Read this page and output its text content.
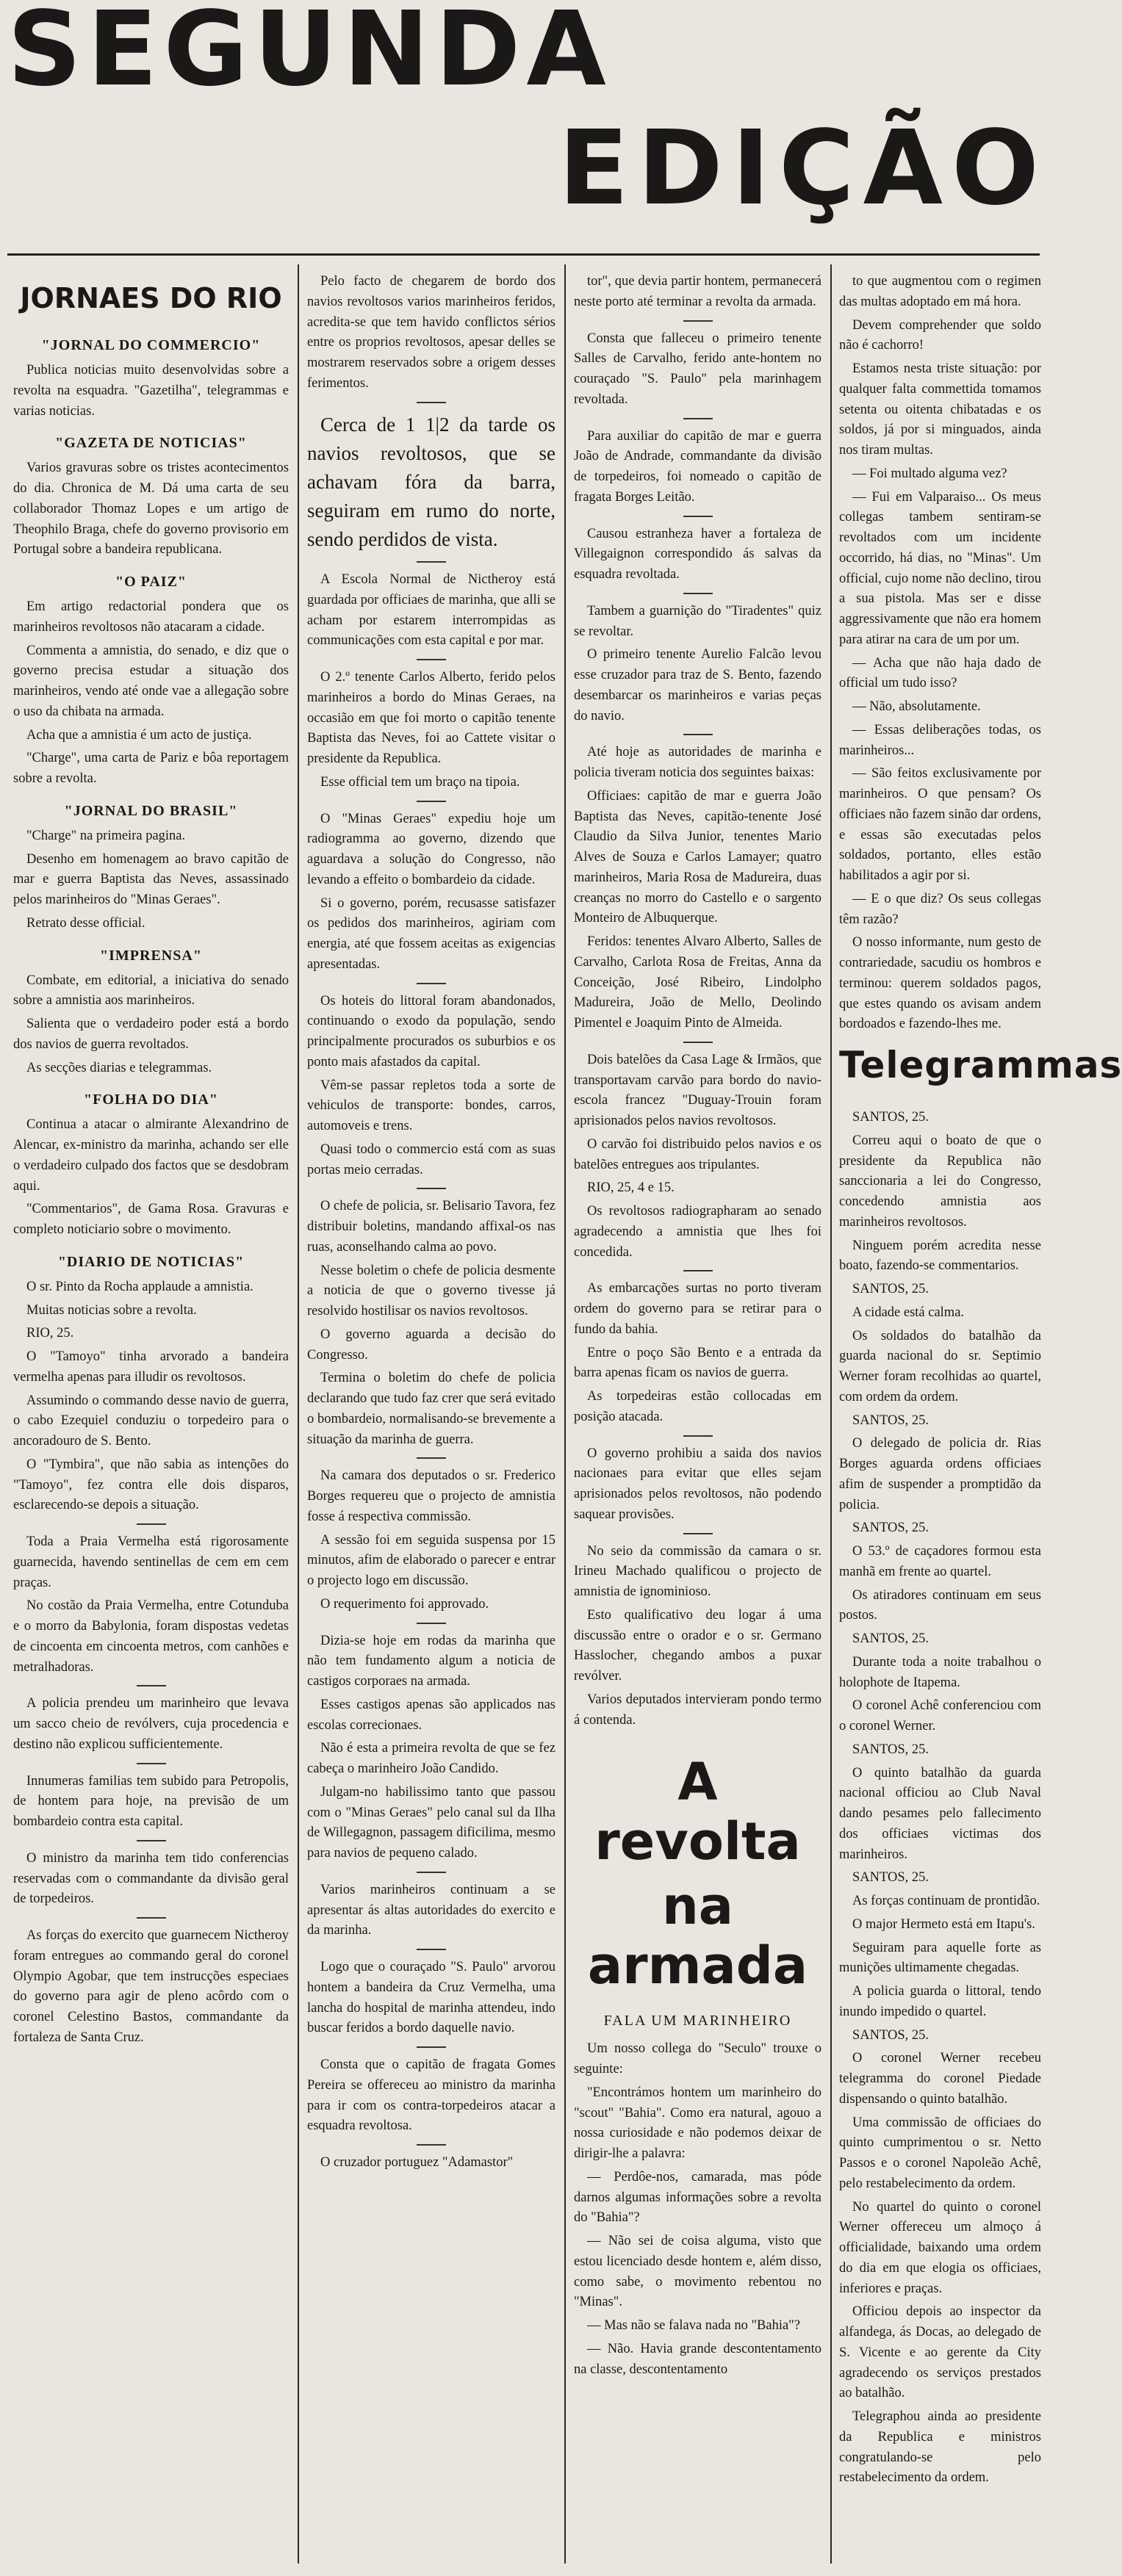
SEGUNDA
EDIÇÃO
JORNAES DO RIO
"JORNAL DO COMMERCIO"

Publica noticias muito desenvolvidas sobre a revolta na esquadra. "Gazetilha", telegrammas e varias noticias.

"GAZETA DE NOTICIAS"

Varios gravuras sobre os tristes acontecimentos do dia. Chronica de M. Dá uma carta de seu collaborador Thomaz Lopes e um artigo de Theophilo Braga, chefe do governo provisorio em Portugal sobre a bandeira republicana.

"O PAIZ"

Em artigo redactorial pondera que os marinheiros revoltosos não atacaram a cidade.

Commenta a amnistia, do senado, e diz que o governo precisa estudar a situação dos marinheiros, vendo até onde vae a allegação sobre o uso da chibata na armada.

Acha que a amnistia é um acto de justiça.

"Charge", uma carta de Pariz e bôa reportagem sobre a revolta.

"JORNAL DO BRASIL"

"Charge" na primeira pagina.

Desenho em homenagem ao bravo capitão de mar e guerra Baptista das Neves, assassinado pelos marinheiros do "Minas Geraes".

Retrato desse official.

"IMPRENSA"

Combate, em editorial, a iniciativa do senado sobre a amnistia aos marinheiros.

Salienta que o verdadeiro poder está a bordo dos navios de guerra revoltados.

As secções diarias e telegrammas.

"FOLHA DO DIA"

Continua a atacar o almirante Alexandrino de Alencar, ex-ministro da marinha, achando ser elle o verdadeiro culpado dos factos que se desdobram aqui.

"Commentarios", de Gama Rosa. Gravuras e completo noticiario sobre o movimento.

"DIARIO DE NOTICIAS"

O sr. Pinto da Rocha applaude a amnistia.

Muitas noticias sobre a revolta.

RIO, 25.

O "Tamoyo" tinha arvorado a bandeira vermelha apenas para illudir os revoltosos.

Assumindo o commando desse navio de guerra, o cabo Ezequiel conduziu o torpedeiro para o ancoradouro de S. Bento.

O "Tymbira", que não sabia as intenções do "Tamoyo", fez contra elle dois disparos, esclarecendo-se depois a situação.

Toda a Praia Vermelha está rigorosamente guarnecida, havendo sentinellas de cem em cem praças.

No costão da Praia Vermelha, entre Cotunduba e o morro da Babylonia, foram dispostas vedetas de cincoenta em cincoenta metros, com canhões e metralhadoras.

A policia prendeu um marinheiro que levava um sacco cheio de revólvers, cuja procedencia e destino não explicou sufficientemente.

Innumeras familias tem subido para Petropolis, de hontem para hoje, na previsão de um bombardeio contra esta capital.

O ministro da marinha tem tido conferencias reservadas com o commandante da divisão geral de torpedeiros.

As forças do exercito que guarnecem Nictheroy foram entregues ao commando geral do coronel Olympio Agobar, que tem instrucções especiaes do governo para agir de pleno acôrdo com o coronel Celestino Bastos, commandante da fortaleza de Santa Cruz.

Pelo facto de chegarem de bordo dos navios revoltosos varios marinheiros feridos, acredita-se que tem havido conflictos sérios entre os proprios revoltosos, apesar delles se mostrarem reservados sobre a origem desses ferimentos.

Cerca de 1 1|2 da tarde os navios revoltosos, que se achavam fóra da barra, seguiram em rumo do norte, sendo perdidos de vista.

A Escola Normal de Nictheroy está guardada por officiaes de marinha, que alli se acham por estarem interrompidas as communicações com esta capital e por mar.

O 2.º tenente Carlos Alberto, ferido pelos marinheiros a bordo do Minas Geraes, na occasião em que foi morto o capitão tenente Baptista das Neves, foi ao Cattete visitar o presidente da Republica.

Esse official tem um braço na tipoia.

O "Minas Geraes" expediu hoje um radiogramma ao governo, dizendo que aguardava a solução do Congresso, não levando a effeito o bombardeio da cidade.

Si o governo, porém, recusasse satisfazer os pedidos dos marinheiros, agiriam com energia, até que fossem aceitas as exigencias apresentadas.

Os hoteis do littoral foram abandonados, continuando o exodo da população, sendo principalmente procurados os suburbios e os ponto mais afastados da capital.

Vêm-se passar repletos toda a sorte de vehiculos de transporte: bondes, carros, automoveis e trens.

Quasi todo o commercio está com as suas portas meio cerradas.

O chefe de policia, sr. Belisario Tavora, fez distribuir boletins, mandando affixal-os nas ruas, aconselhando calma ao povo.

Nesse boletim o chefe de policia desmente a noticia de que o governo tivesse já resolvido hostilisar os navios revoltosos.

O governo aguarda a decisão do Congresso.

Termina o boletim do chefe de policia declarando que tudo faz crer que será evitado o bombardeio, normalisando-se brevemente a situação da marinha de guerra.

Na camara dos deputados o sr. Frederico Borges requereu que o projecto de amnistia fosse á respectiva commissão.

A sessão foi em seguida suspensa por 15 minutos, afim de elaborado o parecer e entrar o projecto logo em discussão.

O requerimento foi approvado.

Dizia-se hoje em rodas da marinha que não tem fundamento algum a noticia de castigos corporaes na armada.

Esses castigos apenas são applicados nas escolas correcionaes.

Não é esta a primeira revolta de que se fez cabeça o marinheiro João Candido.

Julgam-no habilissimo tanto que passou com o "Minas Geraes" pelo canal sul da Ilha de Willegagnon, passagem dificilima, mesmo para navios de pequeno calado.

Varios marinheiros continuam a se apresentar ás altas autoridades do exercito e da marinha.

Logo que o couraçado "S. Paulo" arvorou hontem a bandeira da Cruz Vermelha, uma lancha do hospital de marinha attendeu, indo buscar feridos a bordo daquelle navio.

Consta que o capitão de fragata Gomes Pereira se offereceu ao ministro da marinha para ir com os contra-torpedeiros atacar a esquadra revoltosa.

O cruzador portuguez "Adamastor"

tor", que devia partir hontem, permanecerá neste porto até terminar a revolta da armada.

Consta que falleceu o primeiro tenente Salles de Carvalho, ferido ante-hontem no couraçado "S. Paulo" pela marinhagem revoltada.

Para auxiliar do capitão de mar e guerra João de Andrade, commandante da divisão de torpedeiros, foi nomeado o capitão de fragata Borges Leitão.

Causou estranheza haver a fortaleza de Villegaignon correspondido ás salvas da esquadra revoltada.

Tambem a guarnição do "Tiradentes" quiz se revoltar.

O primeiro tenente Aurelio Falcão levou esse cruzador para traz de S. Bento, fazendo desembarcar os marinheiros e varias peças do navio.

Até hoje as autoridades de marinha e policia tiveram noticia dos seguintes baixas:

Officiaes: capitão de mar e guerra João Baptista das Neves, capitão-tenente José Claudio da Silva Junior, tenentes Mario Alves de Souza e Carlos Lamayer; quatro marinheiros, Maria Rosa de Madureira, duas creanças no morro do Castello e o sargento Monteiro de Albuquerque.

Feridos: tenentes Alvaro Alberto, Salles de Carvalho, Carlota Rosa de Freitas, Anna da Conceição, José Ribeiro, Lindolpho Madureira, João de Mello, Deolindo Pimentel e Joaquim Pinto de Almeida.

Dois batelões da Casa Lage & Irmãos, que transportavam carvão para bordo do navio-escola francez "Duguay-Trouin foram aprisionados pelos navios revoltosos.

O carvão foi distribuido pelos navios e os batelões entregues aos tripulantes.

RIO, 25, 4 e 15.

Os revoltosos radiographaram ao senado agradecendo a amnistia que lhes foi concedida.

As embarcações surtas no porto tiveram ordem do governo para se retirar para o fundo da bahia.

Entre o poço São Bento e a entrada da barra apenas ficam os navios de guerra.

As torpedeiras estão collocadas em posição atacada.

O governo prohibiu a saida dos navios nacionaes para evitar que elles sejam aprisionados pelos revoltosos, não podendo saquear provisões.

No seio da commissão da camara o sr. Irineu Machado qualificou o projecto de amnistia de ignominioso.

Esto qualificativo deu logar á uma discussão entre o orador e o sr. Germano Hasslocher, chegando ambos a puxar revólver.

Varios deputados intervieram pondo termo á contenda.

A revolta
na armada
FALA UM MARINHEIRO

Um nosso collega do "Seculo" trouxe o seguinte:

"Encontrámos hontem um marinheiro do "scout" "Bahia". Como era natural, agouo a nossa curiosidade e não podemos deixar de dirigir-lhe a palavra:

— Perdôe-nos, camarada, mas póde darnos algumas informações sobre a revolta do "Bahia"?

— Não sei de coisa alguma, visto que estou licenciado desde hontem e, além disso, como sabe, o movimento rebentou no "Minas".

— Mas não se falava nada no "Bahia"?

— Não. Havia grande descontentamento na classe, descontentamento

to que augmentou com o regimen das multas adoptado em má hora.

Devem comprehender que soldo não é cachorro!

Estamos nesta triste situação: por qualquer falta commettida tomamos setenta ou oitenta chibatadas e os soldos, já por si minguados, ainda nos tiram multas.

— Foi multado alguma vez?

— Fui em Valparaiso... Os meus collegas tambem sentiram-se revoltados com um incidente occorrido, há dias, no "Minas". Um official, cujo nome não declino, tirou a sua pistola. Mas ser e disse aggressivamente que não era homem para atirar na cara de um por um.

— Acha que não haja dado de official um tudo isso?

— Não, absolutamente.

— Essas deliberações todas, os marinheiros...

— São feitos exclusivamente por marinheiros. O que pensam? Os officiaes não fazem sinão dar ordens, e essas são executadas pelos soldados, portanto, elles estão habilitados a agir por si.

— E o que diz? Os seus collegas têm razão?

O nosso informante, num gesto de contrariedade, sacudiu os hombros e terminou: querem soldados pagos, que estes quando os avisam andem bordoados e fazendo-lhes me.

Telegrammas

SANTOS, 25.

Correu aqui o boato de que o presidente da Republica não sanccionaria a lei do Congresso, concedendo amnistia aos marinheiros revoltosos.

Ninguem porém acredita nesse boato, fazendo-se commentarios.

SANTOS, 25.

A cidade está calma.

Os soldados do batalhão da guarda nacional do sr. Septimio Werner foram recolhidas ao quartel, com ordem da ordem.

SANTOS, 25.

O delegado de policia dr. Rias Borges aguarda ordens officiaes afim de suspender a promptidão da policia.

SANTOS, 25.

O 53.º de caçadores formou esta manhã em frente ao quartel.

Os atiradores continuam em seus postos.

SANTOS, 25.

Durante toda a noite trabalhou o holophote de Itapema.

O coronel Achê conferenciou com o coronel Werner.

SANTOS, 25.

O quinto batalhão da guarda nacional officiou ao Club Naval dando pesames pelo fallecimento dos officiaes victimas dos marinheiros.

SANTOS, 25.

As forças continuam de prontidão.

O major Hermeto está em Itapu's.

Seguiram para aquelle forte as munições ultimamente chegadas.

A policia guarda o littoral, tendo inundo impedido o quartel.

SANTOS, 25.

O coronel Werner recebeu telegramma do coronel Piedade dispensando o quinto batalhão.

Uma commissão de officiaes do quinto cumprimentou o sr. Netto Passos e o coronel Napoleão Achê, pelo restabelecimento da ordem.

No quartel do quinto o coronel Werner offereceu um almoço á officialidade, baixando uma ordem do dia em que elogia os officiaes, inferiores e praças.

Officiou depois ao inspector da alfandega, ás Docas, ao delegado de S. Vicente e ao gerente da City agradecendo os serviços prestados ao batalhão.

Telegraphou ainda ao presidente da Republica e ministros congratulando-se pelo restabelecimento da ordem.
